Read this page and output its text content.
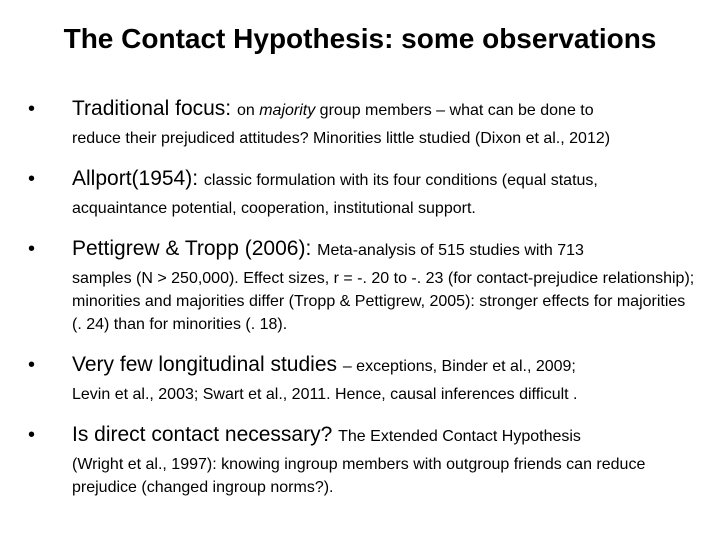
The Contact Hypothesis: some observations
• Traditional focus: on majority group members – what can be done to
reduce their prejudiced attitudes? Minorities little studied (Dixon et al., 2012)
• Allport(1954): classic formulation with its four conditions (equal status,
acquaintance potential, cooperation, institutional support.
• Pettigrew & Tropp (2006): Meta-analysis of 515 studies with 713
samples (N > 250,000). Effect sizes, r = -. 20 to -. 23 (for contact-prejudice relationship); minorities and majorities differ (Tropp & Pettigrew, 2005): stronger effects for majorities (. 24) than for minorities (. 18).
• Very few longitudinal studies – exceptions, Binder et al., 2009;
Levin et al., 2003; Swart et al., 2011. Hence, causal inferences difficult .
• Is direct contact necessary? The Extended Contact Hypothesis
(Wright et al., 1997): knowing ingroup members with outgroup friends can reduce prejudice (changed ingroup norms?).
